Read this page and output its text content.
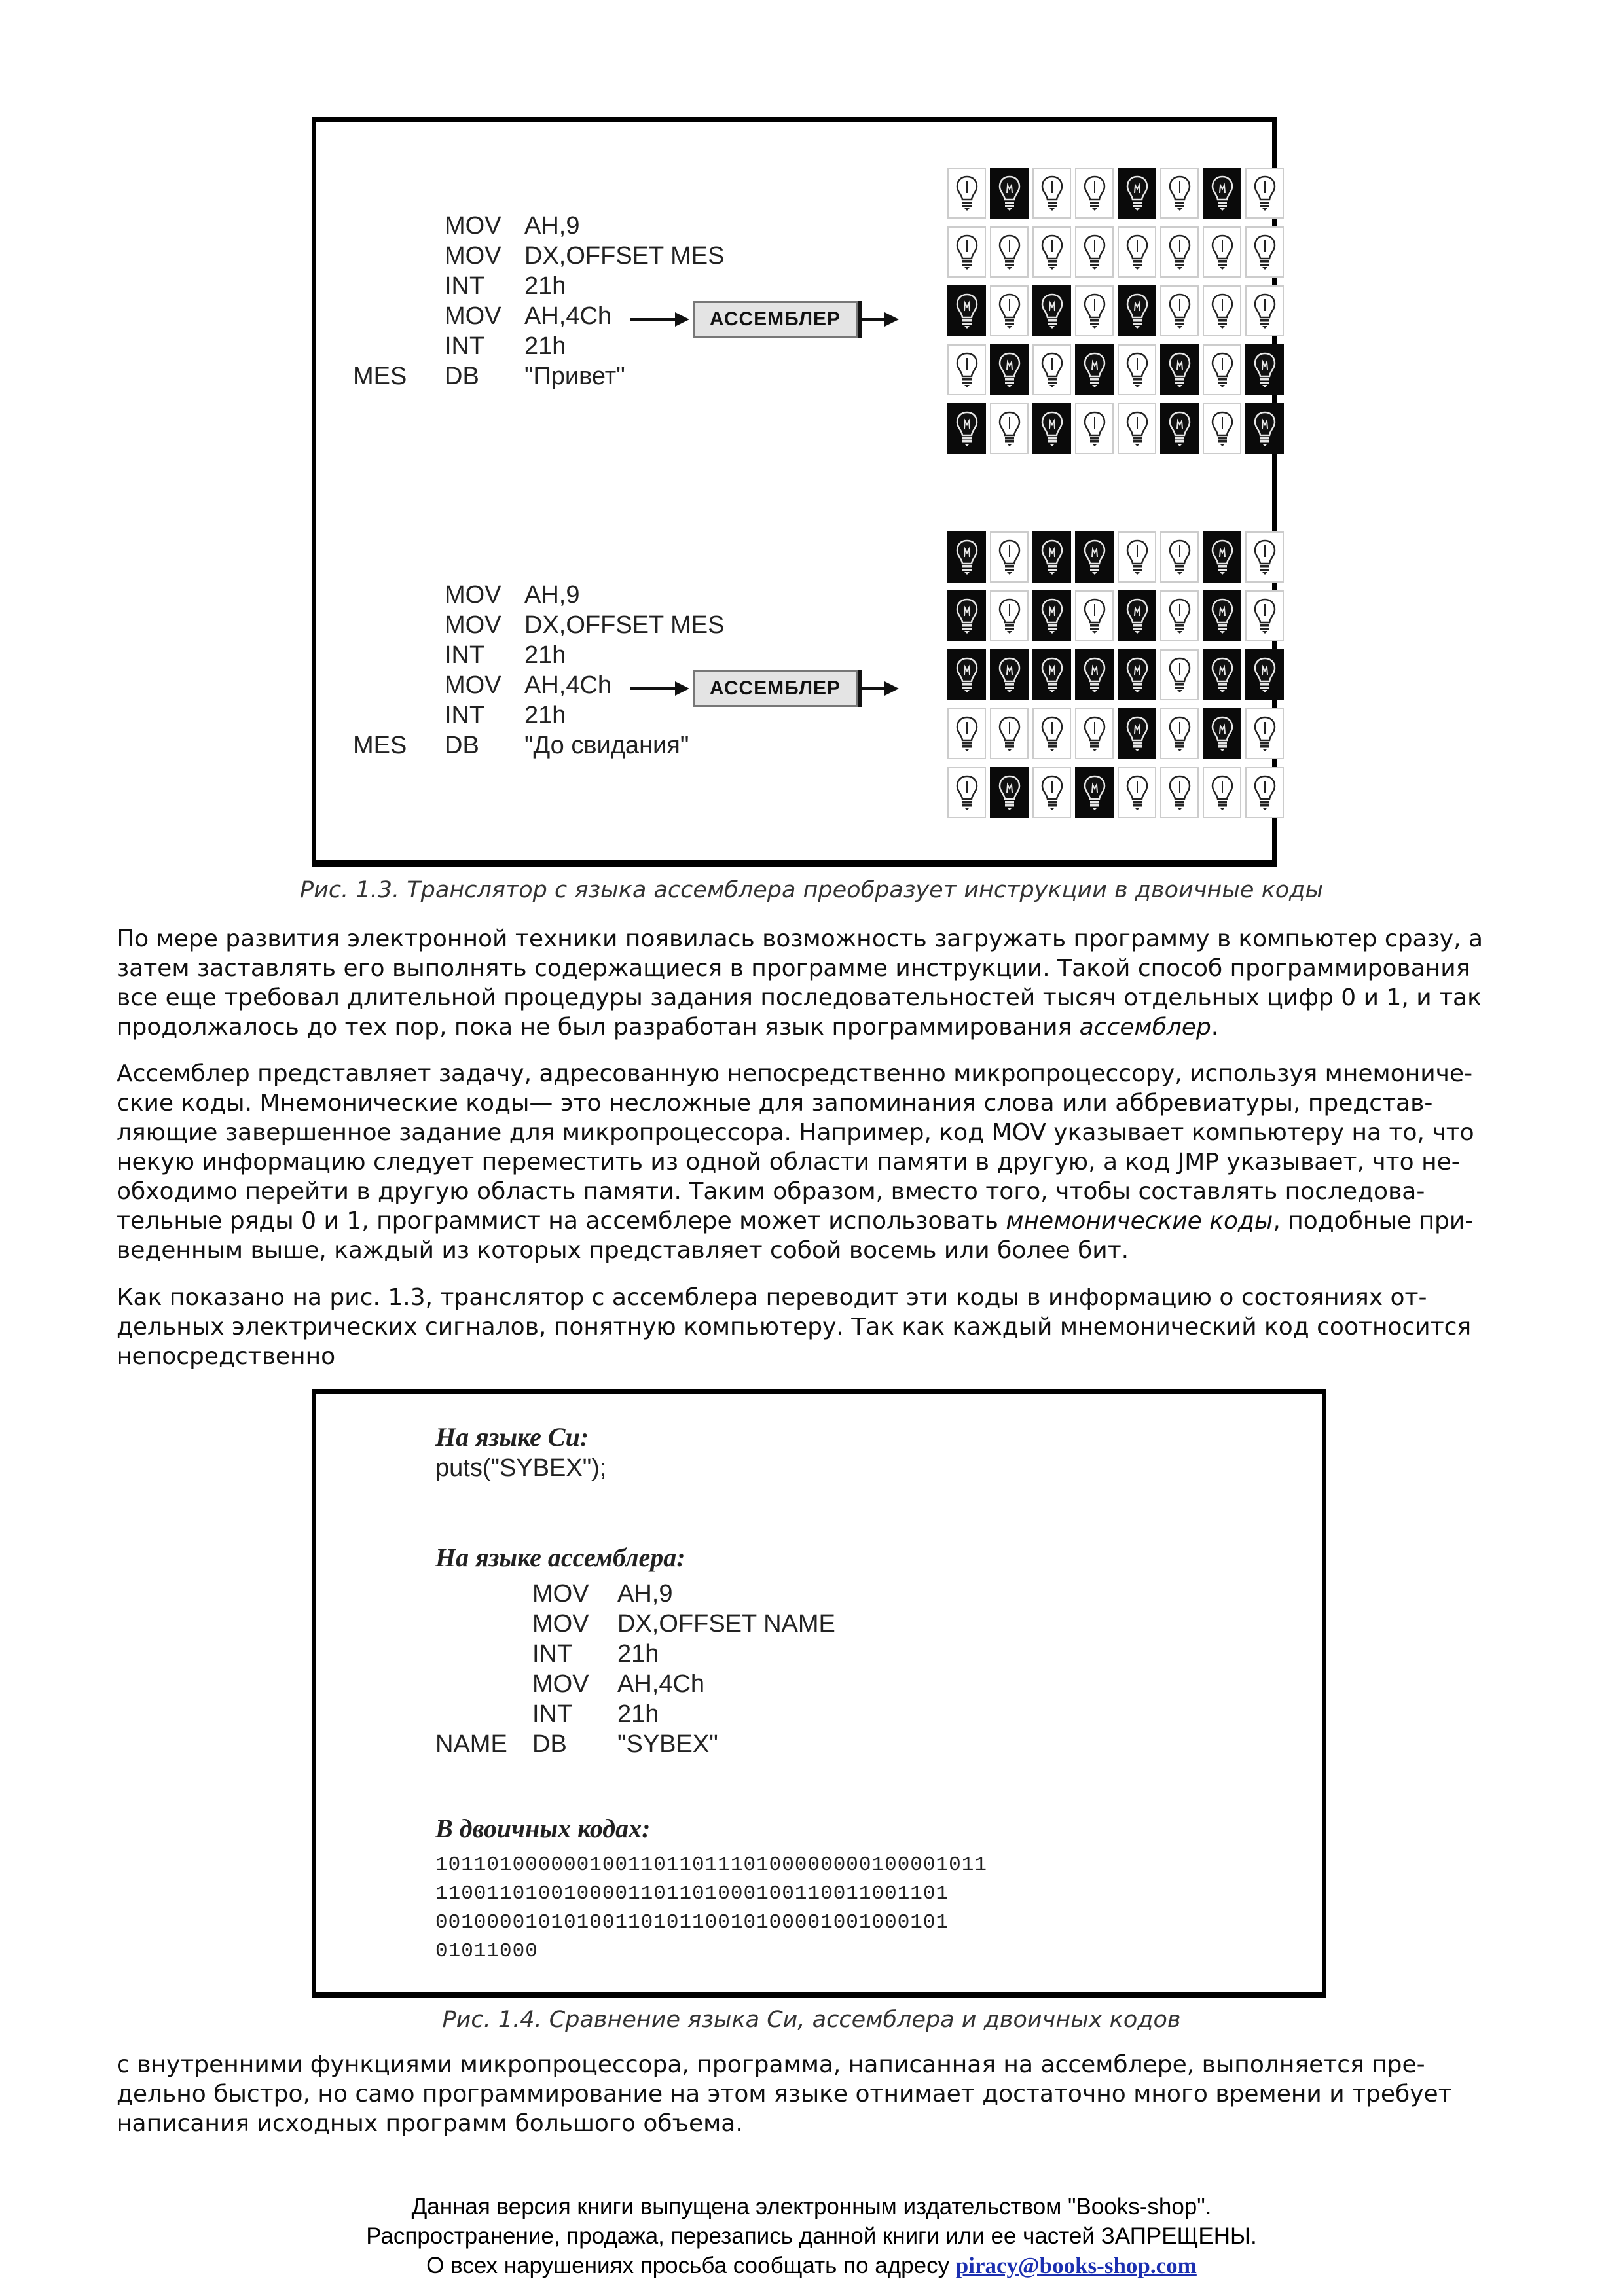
MOV AH,9
MOV DX,OFFSET MES
INT 21h
MOV AH,4Ch
INT 21h
MES DB "Привет"
АССЕМБЛЕР
MOV AH,9
MOV DX,OFFSET MES
INT 21h
MOV AH,4Ch
INT 21h
MES DB "До свидания"
АССЕМБЛЕР
Рис. 1.3. Транслятор с языка ассемблера преобразует инструкции в двоичные коды

По мере развития электронной техники появилась возможность загружать программу в компьютер сразу, а затем заставлять его выполнять содержащиеся в программе инструкции. Такой способ программирования все еще требовал длительной процедуры задания последовательностей тысяч отдельных цифр 0 и 1, и так продолжалось до тех пор, пока не был разработан язык программирования ассемблер.

Ассемблер представляет задачу, адресованную непосредственно микропроцессору, используя мнемониче-ские коды. Мнемонические коды— это несложные для запоминания слова или аббревиатуры, представ-ляющие завершенное задание для микропроцессора. Например, код MOV указывает компьютеру на то, что некую информацию следует переместить из одной области памяти в другую, а код JMP указывает, что не-обходимо перейти в другую область памяти. Таким образом, вместо того, чтобы составлять последова-тельные ряды 0 и 1, программист на ассемблере может использовать мнемонические коды, подобные при-веденным выше, каждый из которых представляет собой восемь или более бит.

Как показано на рис. 1.3, транслятор с ассемблера переводит эти коды в информацию о состояниях от-дельных электрических сигналов, понятную компьютеру. Так как каждый мнемонический код соотносится непосредственно

На языке Си:
puts("SYBEX");
На языке ассемблера:
MOV AH,9
MOV DX,OFFSET NAME
INT 21h
MOV AH,4Ch
INT 21h
NAME DB "SYBEX"
В двоичных кодах:
1011010000001001101101110100000000100001011
1100110100100001101101000100110011001101
0010000101010011010110010100001001000101
01011000
Рис. 1.4. Сравнение языка Си, ассемблера и двоичных кодов

с внутренними функциями микропроцессора, программа, написанная на ассемблере, выполняется пре-дельно быстро, но само программирование на этом языке отнимает достаточно много времени и требует написания исходных программ большого объема.

Данная версия книги выпущена электронным издательством "Books-shop".
Распространение, продажа, перезапись данной книги или ее частей ЗАПРЕЩЕНЫ.
О всех нарушениях просьба сообщать по адресу piracy@books-shop.com
